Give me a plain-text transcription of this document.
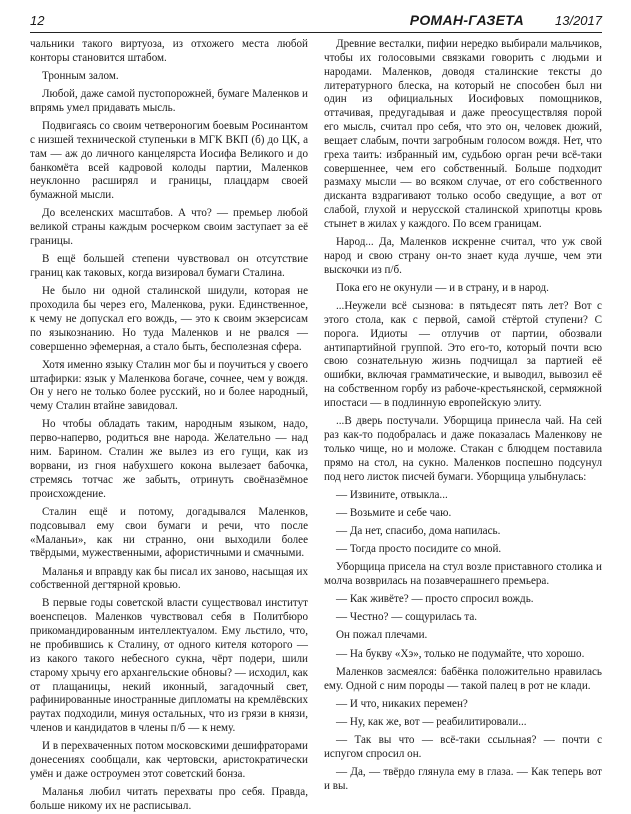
12	РОМАН-ГАЗЕТА 13/2017

чальники такого виртуоза, из отхожего места любой конторы становится штабом.

Тронным залом.

Любой, даже самой пустопорожней, бумаге Маленков и впрямь умел придавать мысль.

Подвигаясь со своим четвероногим боевым Росинантом с низшей технической ступеньки в МГК ВКП (б) до ЦК, а там — аж до личного канцелярста Иосифа Великого и до банкомёта всей кадровой колоды партии, Маленков неуклонно расширял и границы, плацдарм своей бумажной мысли.

До вселенских масштабов. А что? — премьер любой великой страны каждым росчерком своим заступает за её границы.

В ещё большей степени чувствовал он отсутствие границ как таковых, когда визировал бумаги Сталина.

Не было ни одной сталинской шидули, которая не проходила бы через его, Маленкова, руки. Единственное, к чему не допускал его вождь, — это к своим экзерсисам по языкознанию. Но туда Маленков и не рвался — совершенно эфемерная, а стало быть, бесполезная сфера.

Хотя именно языку Сталин мог бы и поучиться у своего штафирки: язык у Маленкова богаче, сочнее, чем у вождя. Он у него не только более русский, но и более народный, чему Сталин втайне завидовал.

Но чтобы обладать таким, народным языком, надо, перво-наперво, родиться вне народа. Желательно — над ним. Барином. Сталин же вылез из его гущи, как из ворвани, из гноя набухшего кокона вылезает бабочка, стремясь тотчас же забыть, отринуть своёназёмное происхождение.

Сталин ещё и потому, догадывался Маленков, подсовывал ему свои бумаги и речи, что после «Маланьи», как ни странно, они выходили более твёрдыми, мужественными, афористичными и смачными.

Маланья и вправду как бы писал их заново, насыщая их собственной дегтярной кровью.

В первые годы советской власти существовал институт военспецов. Маленков чувствовал себя в Политбюро прикомандированным интеллектуалом. Ему льстило, что, не пробившись к Сталину, от одного кителя которого — из какого такого небесного сукна, чёрт подери, шили старому хрычу его архангельские обновы? — исходил, как от плащаницы, некий иконный, загадочный свет, рафинированные иностранные дипломаты на кремлёвских раутах подходили, минуя остальных, что из грязи в князи, членов и кандидатов в члены п/б — к нему.

И в перехваченных потом московскими дешифраторами донесениях сообщали, как чертовски, аристократически умён и даже остроумен этот советский бонза.

Маланья любил читать перехваты про себя. Правда, больше никому их не расписывал.

Древние весталки, пифии нередко выбирали мальчиков, чтобы их голосовыми связками говорить с людьми и народами. Маленков, доводя сталинские тексты до литературного блеска, на который не способен был ни один из официальных Иосифовых помощников, оттачивая, предугадывая и даже преосуществляя порой его мысль, считал про себя, что это он, человек дюжий, вещает слабым, почти загробным голосом вождя. Нет, что греха таить: избранный им, судьбою орган речи всё-таки совершеннее, чем его собственный. Больше подходит размаху мысли — во всяком случае, от его собственного дисканта вздрагивают только особо сведущие, а вот от слабой, глухой и нерусской сталинской хрипотцы кровь стынет в жилах у каждого. По всем границам.

Народ... Да, Маленков искренне считал, что уж свой народ и свою страну он-то знает куда лучше, чем эти выскочки из п/б.

Пока его не окунули — и в страну, и в народ.

...Неужели всё сызнова: в пятьдесят пять лет? Вот с этого стола, как с первой, самой стёртой ступени? С порога. Идиоты — отлучив от партии, обозвали антипартийной группой. Это его-то, который почти всю свою сознательную жизнь подчищал за партией её ошибки, включая грамматические, и выводил, вывозил её на собственном горбу из рабоче-крестьянской, сермяжной ипостаси — в подлинную европейскую элиту.

...В дверь постучали. Уборщица принесла чай. На сей раз как-то подобралась и даже показалась Маленкову не только чище, но и моложе. Стакан с блюдцем поставила прямо на стол, на сукно. Маленков поспешно подсунул под него листок писчей бумаги. Уборщица улыбнулась:

— Извините, отвыкла...

— Возьмите и себе чаю.

— Да нет, спасибо, дома напилась.

— Тогда просто посидите со мной.

Уборщица присела на стул возле приставного столика и молча возврилась на позавчерашнего премьера.

— Как живёте? — просто спросил вождь.

— Честно? — сощурилась та.

Он пожал плечами.

— На букву «Хэ», только не подумайте, что хорошо.

Маленков засмеялся: бабёнка положительно нравилась ему. Одной с ним породы — такой палец в рот не клади.

— И что, никаких перемен?

— Ну, как же, вот — реабилитировали...

— Так вы что — всё-таки ссыльная? — почти с испугом спросил он.

— Да, — твёрдо глянула ему в глаза. — Как теперь вот и вы.
